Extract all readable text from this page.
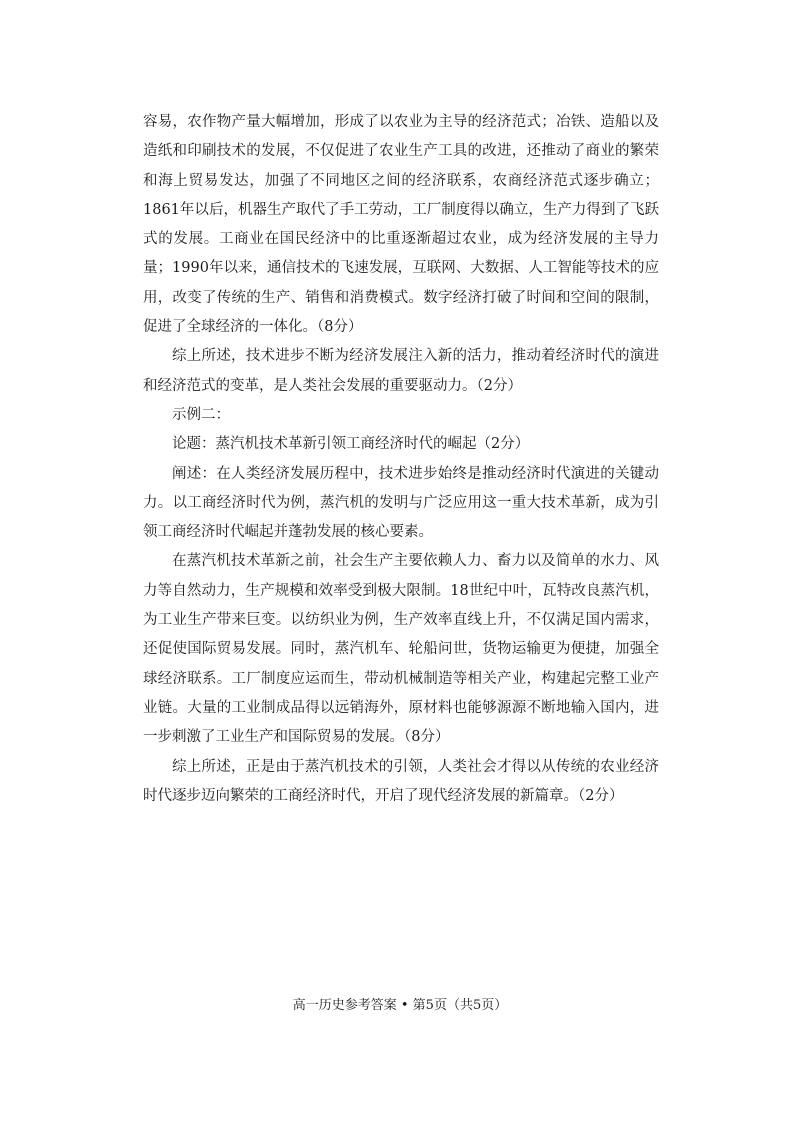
容易，农作物产量大幅增加，形成了以农业为主导的经济范式；冶铁、造船以及造纸和印刷技术的发展，不仅促进了农业生产工具的改进，还推动了商业的繁荣和海上贸易发达，加强了不同地区之间的经济联系，农商经济范式逐步确立；1861年以后，机器生产取代了手工劳动，工厂制度得以确立，生产力得到了飞跃式的发展。工商业在国民经济中的比重逐渐超过农业，成为经济发展的主导力量；1990年以来，通信技术的飞速发展，互联网、大数据、人工智能等技术的应用，改变了传统的生产、销售和消费模式。数字经济打破了时间和空间的限制，促进了全球经济的一体化。（8分）

综上所述，技术进步不断为经济发展注入新的活力，推动着经济时代的演进和经济范式的变革，是人类社会发展的重要驱动力。（2分）

示例二：

论题：蒸汽机技术革新引领工商经济时代的崛起（2分）

阐述：在人类经济发展历程中，技术进步始终是推动经济时代演进的关键动力。以工商经济时代为例，蒸汽机的发明与广泛应用这一重大技术革新，成为引领工商经济时代崛起并蓬勃发展的核心要素。

在蒸汽机技术革新之前，社会生产主要依赖人力、畜力以及简单的水力、风力等自然动力，生产规模和效率受到极大限制。18世纪中叶，瓦特改良蒸汽机，为工业生产带来巨变。以纺织业为例，生产效率直线上升，不仅满足国内需求，还促使国际贸易发展。同时，蒸汽机车、轮船问世，货物运输更为便捷，加强全球经济联系。工厂制度应运而生，带动机械制造等相关产业，构建起完整工业产业链。大量的工业制成品得以远销海外，原材料也能够源源不断地输入国内，进一步刺激了工业生产和国际贸易的发展。（8分）

综上所述，正是由于蒸汽机技术的引领，人类社会才得以从传统的农业经济时代逐步迈向繁荣的工商经济时代，开启了现代经济发展的新篇章。（2分）

高一历史参考答案 • 第5页（共5页）
